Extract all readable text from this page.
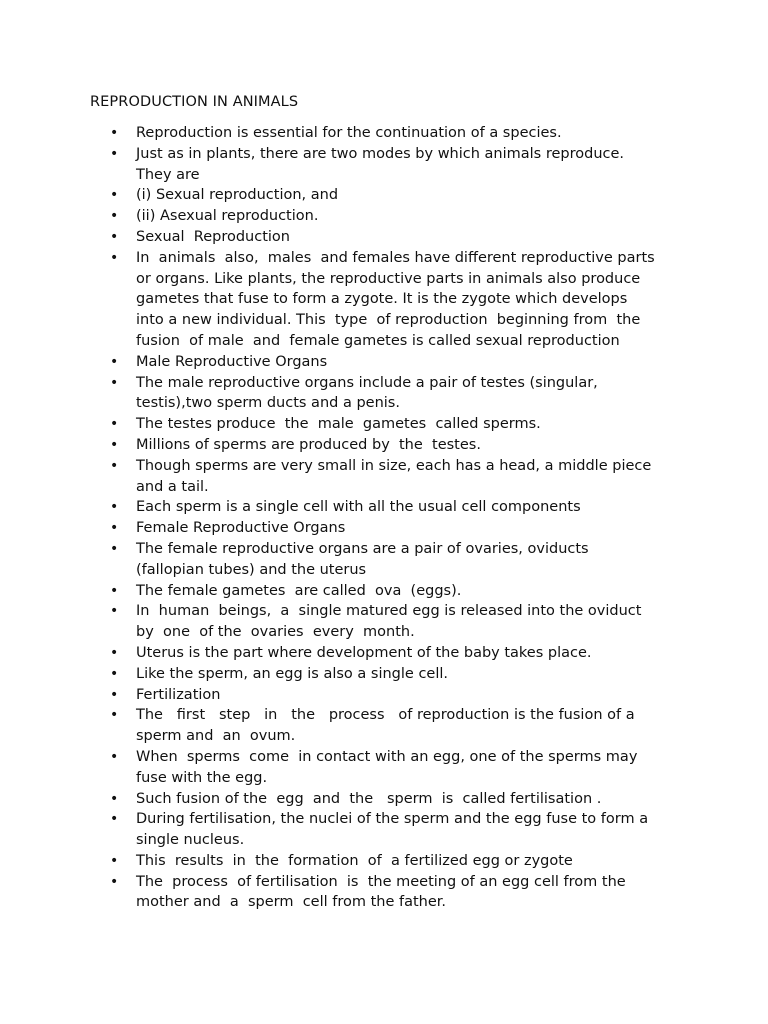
REPRODUCTION IN ANIMALS
• Reproduction is essential for the continuation of a species.
• Just as in plants, there are two modes by which animals reproduce.
They are
• (i) Sexual reproduction, and
• (ii) Asexual reproduction.
• Sexual  Reproduction
• In  animals  also,  males  and females have different reproductive parts
or organs. Like plants, the reproductive parts in animals also produce
gametes that fuse to form a zygote. It is the zygote which develops
into a new individual. This  type  of reproduction  beginning from  the
fusion  of male  and  female gametes is called sexual reproduction
• Male Reproductive Organs
• The male reproductive organs include a pair of testes (singular,
testis),two sperm ducts and a penis.
• The testes produce  the  male  gametes  called sperms.
• Millions of sperms are produced by  the  testes.
• Though sperms are very small in size, each has a head, a middle piece
and a tail.
• Each sperm is a single cell with all the usual cell components
• Female Reproductive Organs
• The female reproductive organs are a pair of ovaries, oviducts
(fallopian tubes) and the uterus
• The female gametes  are called  ova  (eggs).
• In  human  beings,  a  single matured egg is released into the oviduct
by  one  of the  ovaries  every  month.
• Uterus is the part where development of the baby takes place.
• Like the sperm, an egg is also a single cell.
• Fertilization
• The   first   step   in   the   process   of reproduction is the fusion of a
sperm and  an  ovum.
• When  sperms  come  in contact with an egg, one of the sperms may
fuse with the egg.
• Such fusion of the  egg  and  the   sperm  is  called fertilisation .
• During fertilisation, the nuclei of the sperm and the egg fuse to form a
single nucleus.
• This  results  in  the  formation  of  a fertilized egg or zygote
• The  process  of fertilisation  is  the meeting of an egg cell from the
mother and  a  sperm  cell from the father.
